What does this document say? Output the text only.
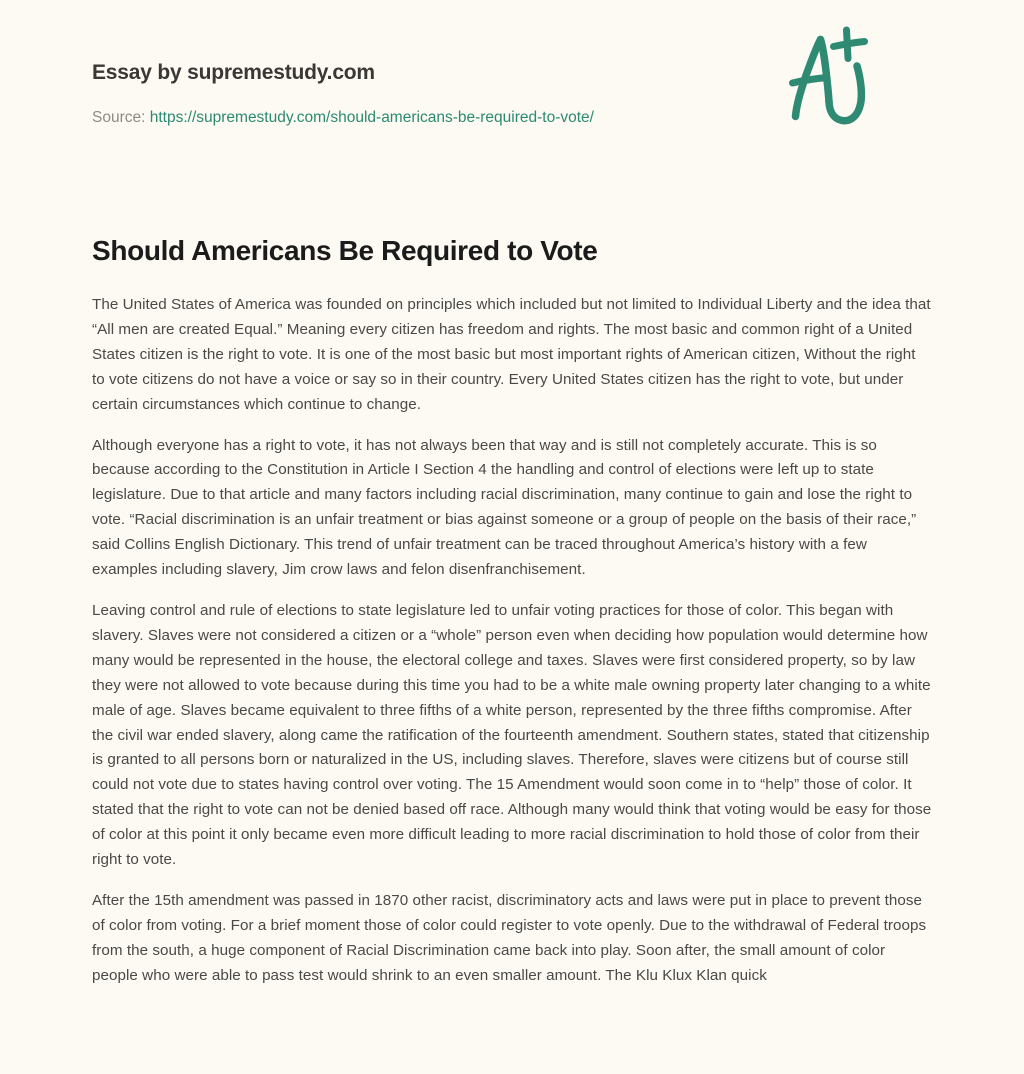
Essay by supremestudy.com
Source: https://supremestudy.com/should-americans-be-required-to-vote/
Should Americans Be Required to Vote

The United States of America was founded on principles which included but not limited to Individual Liberty and the idea that “All men are created Equal.” Meaning every citizen has freedom and rights. The most basic and common right of a United States citizen is the right to vote. It is one of the most basic but most important rights of American citizen, Without the right to vote citizens do not have a voice or say so in their country. Every United States citizen has the right to vote, but under certain circumstances which continue to change.

Although everyone has a right to vote, it has not always been that way and is still not completely accurate. This is so because according to the Constitution in Article I Section 4 the handling and control of elections were left up to state legislature. Due to that article and many factors including racial discrimination, many continue to gain and lose the right to vote. “Racial discrimination is an unfair treatment or bias against someone or a group of people on the basis of their race,” said Collins English Dictionary. This trend of unfair treatment can be traced throughout America’s history with a few examples including slavery, Jim crow laws and felon disenfranchisement.

Leaving control and rule of elections to state legislature led to unfair voting practices for those of color. This began with slavery. Slaves were not considered a citizen or a “whole” person even when deciding how population would determine how many would be represented in the house, the electoral college and taxes. Slaves were first considered property, so by law they were not allowed to vote because during this time you had to be a white male owning property later changing to a white male of age. Slaves became equivalent to three fifths of a white person, represented by the three fifths compromise. After the civil war ended slavery, along came the ratification of the fourteenth amendment. Southern states, stated that citizenship is granted to all persons born or naturalized in the US, including slaves. Therefore, slaves were citizens but of course still could not vote due to states having control over voting. The 15 Amendment would soon come in to “help” those of color. It stated that the right to vote can not be denied based off race. Although many would think that voting would be easy for those of color at this point it only became even more difficult leading to more racial discrimination to hold those of color from their right to vote.

After the 15th amendment was passed in 1870 other racist, discriminatory acts and laws were put in place to prevent those of color from voting. For a brief moment those of color could register to vote openly. Due to the withdrawal of Federal troops from the south, a huge component of Racial Discrimination came back into play. Soon after, the small amount of color people who were able to pass test would shrink to an even smaller amount. The Klu Klux Klan quick
